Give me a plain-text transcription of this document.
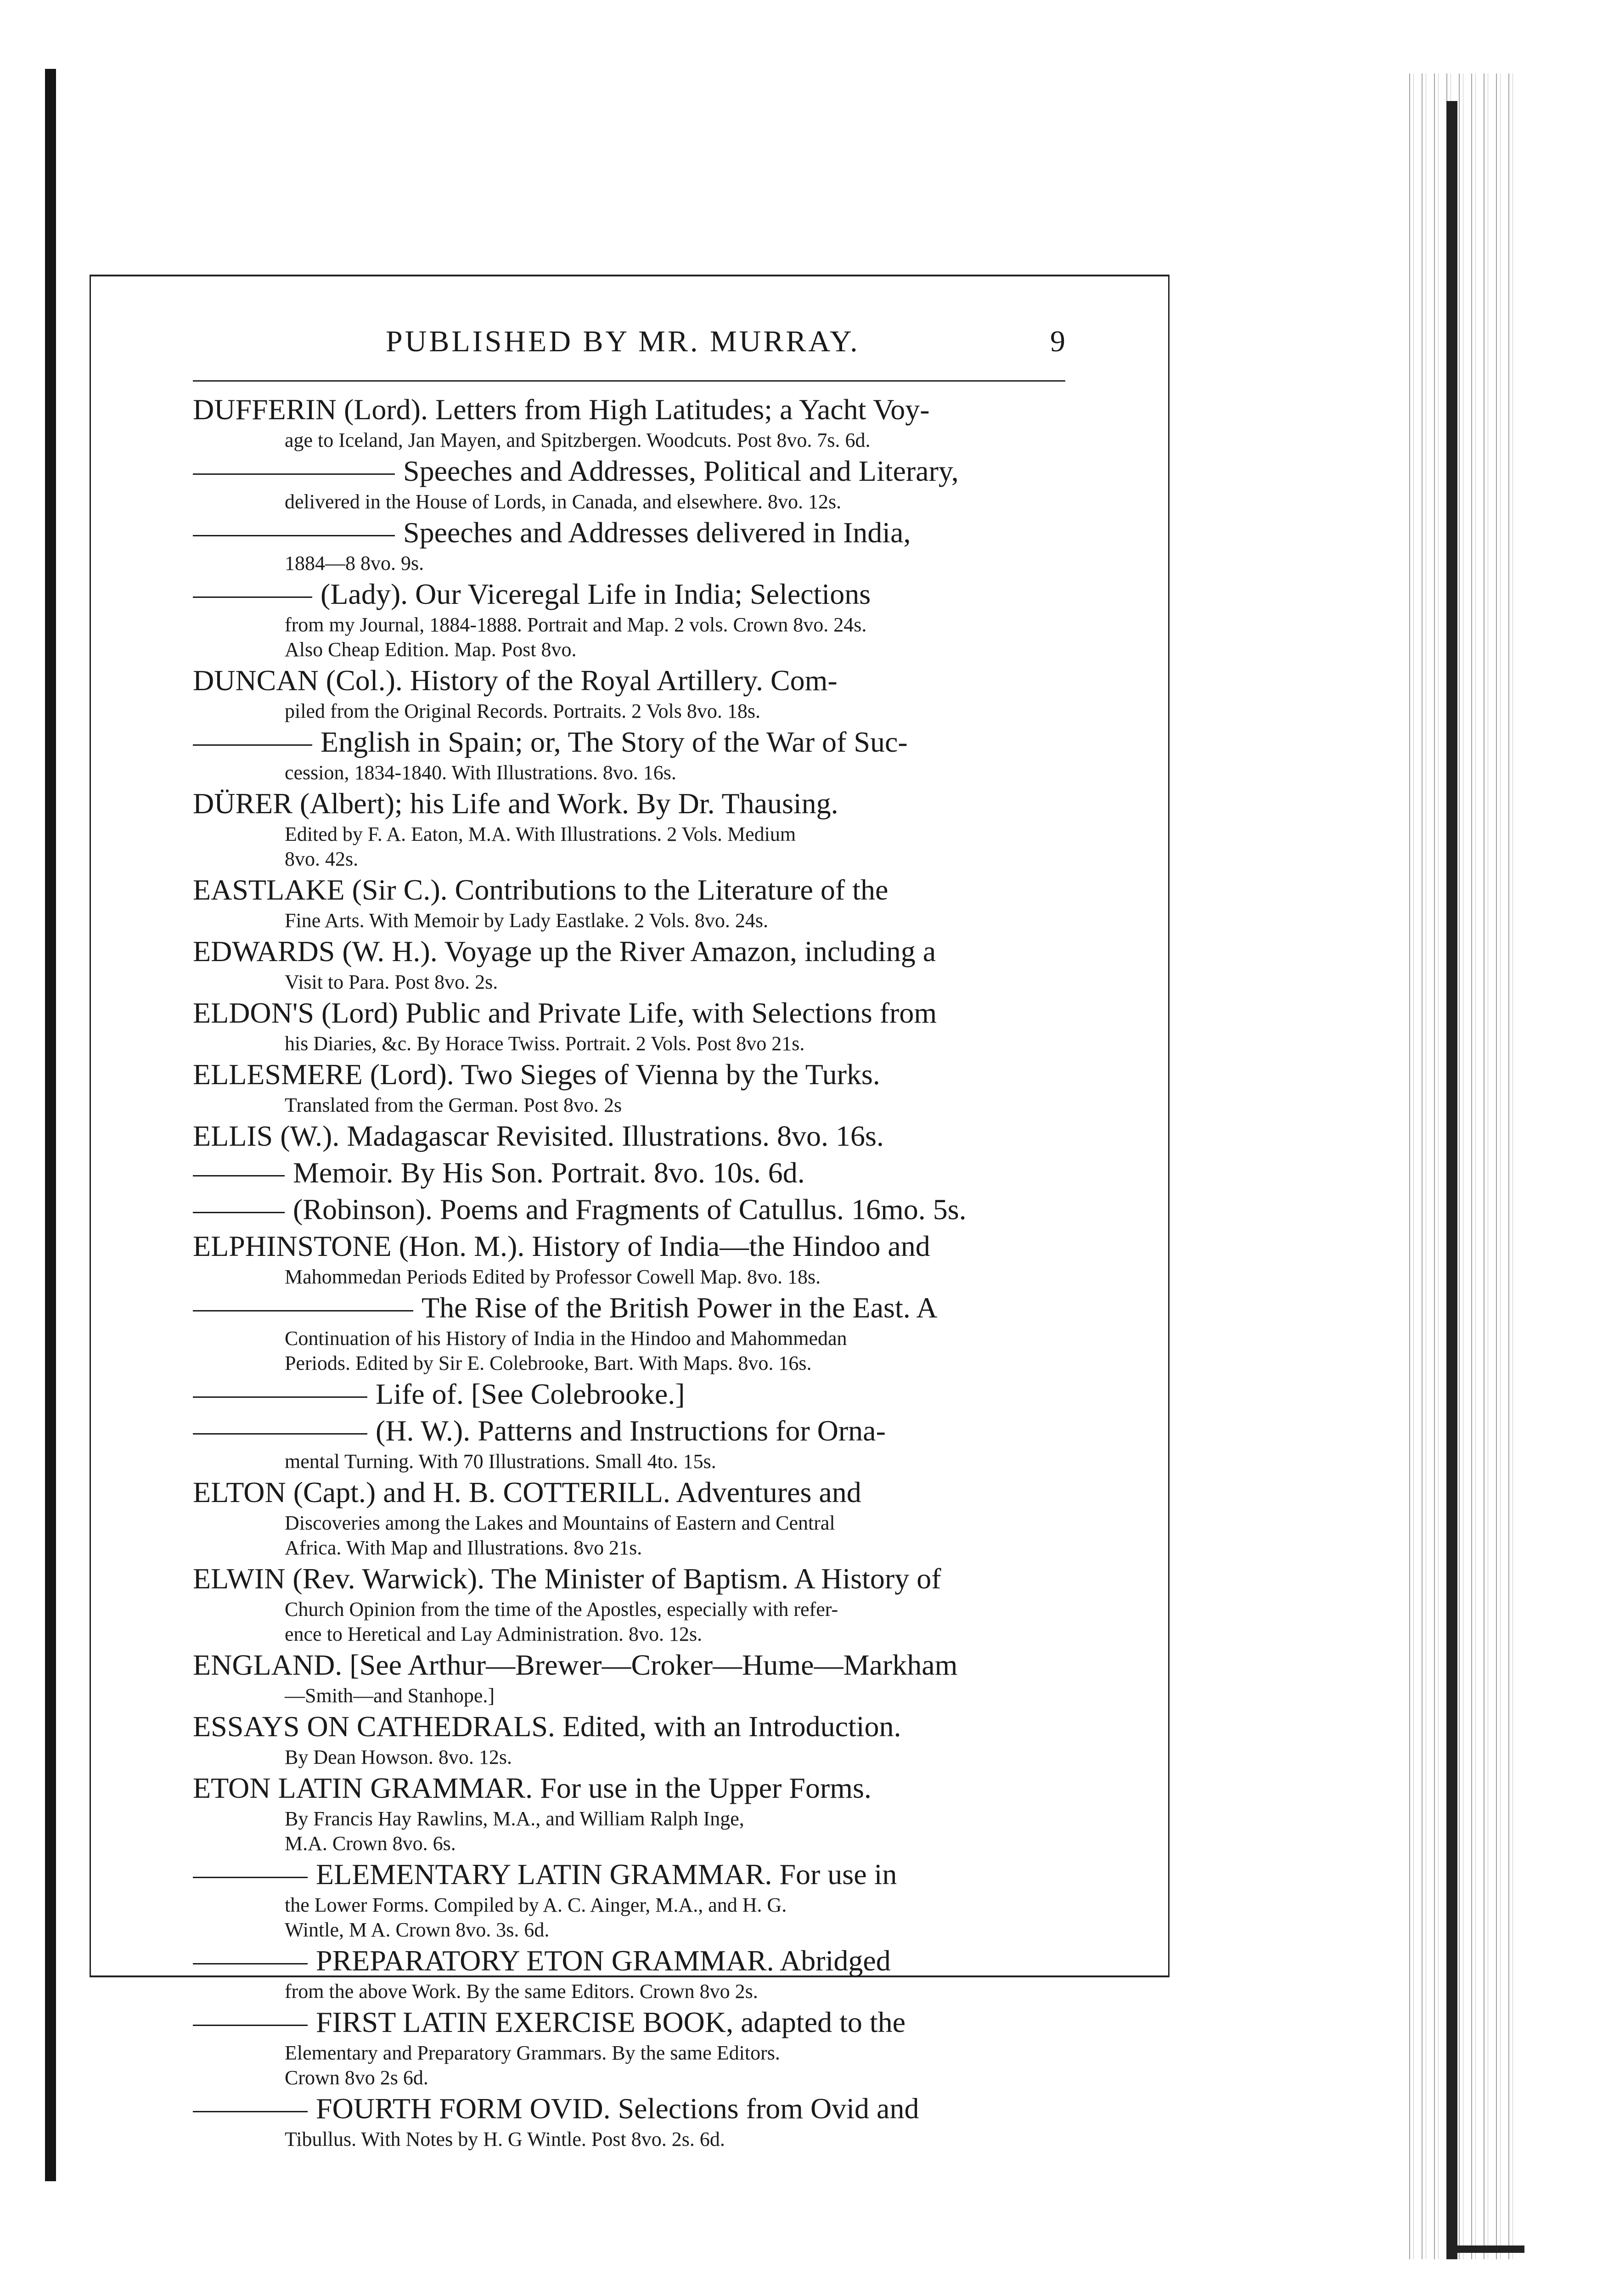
PUBLISHED BY MR. MURRAY.	9
DUFFERIN (Lord). Letters from High Latitudes; a Yacht Voy-
age to Iceland, Jan Mayen, and Spitzbergen. Woodcuts. Post 8vo. 7s. 6d.
Speeches and Addresses, Political and Literary,
delivered in the House of Lords, in Canada, and elsewhere. 8vo. 12s.
Speeches and Addresses delivered in India,
1884—8 8vo. 9s.
(Lady). Our Viceregal Life in India; Selections
from my Journal, 1884-1888. Portrait and Map. 2 vols. Crown 8vo. 24s.
Also Cheap Edition. Map. Post 8vo.
DUNCAN (Col.). History of the Royal Artillery. Com-
piled from the Original Records. Portraits. 2 Vols 8vo. 18s.
English in Spain; or, The Story of the War of Suc-
cession, 1834-1840. With Illustrations. 8vo. 16s.
DÜRER (Albert); his Life and Work. By Dr. Thausing.
Edited by F. A. Eaton, M.A. With Illustrations. 2 Vols. Medium
8vo. 42s.
EASTLAKE (Sir C.). Contributions to the Literature of the
Fine Arts. With Memoir by Lady Eastlake. 2 Vols. 8vo. 24s.
EDWARDS (W. H.). Voyage up the River Amazon, including a
Visit to Para. Post 8vo. 2s.
ELDON'S (Lord) Public and Private Life, with Selections from
his Diaries, &c. By Horace Twiss. Portrait. 2 Vols. Post 8vo 21s.
ELLESMERE (Lord). Two Sieges of Vienna by the Turks.
Translated from the German. Post 8vo. 2s
ELLIS (W.). Madagascar Revisited. Illustrations. 8vo. 16s.
Memoir. By His Son. Portrait. 8vo. 10s. 6d.
(Robinson). Poems and Fragments of Catullus. 16mo. 5s.
ELPHINSTONE (Hon. M.). History of India—the Hindoo and
Mahommedan Periods Edited by Professor Cowell Map. 8vo. 18s.
The Rise of the British Power in the East. A
Continuation of his History of India in the Hindoo and Mahommedan
Periods. Edited by Sir E. Colebrooke, Bart. With Maps. 8vo. 16s.
Life of. [See Colebrooke.]
(H. W.). Patterns and Instructions for Orna-
mental Turning. With 70 Illustrations. Small 4to. 15s.
ELTON (Capt.) and H. B. COTTERILL. Adventures and
Discoveries among the Lakes and Mountains of Eastern and Central
Africa. With Map and Illustrations. 8vo 21s.
ELWIN (Rev. Warwick). The Minister of Baptism. A History of
Church Opinion from the time of the Apostles, especially with refer-
ence to Heretical and Lay Administration. 8vo. 12s.
ENGLAND. [See Arthur—Brewer—Croker—Hume—Markham
—Smith—and Stanhope.]
ESSAYS ON CATHEDRALS. Edited, with an Introduction.
By Dean Howson. 8vo. 12s.
ETON LATIN GRAMMAR. For use in the Upper Forms.
By Francis Hay Rawlins, M.A., and William Ralph Inge,
M.A. Crown 8vo. 6s.
ELEMENTARY LATIN GRAMMAR. For use in
the Lower Forms. Compiled by A. C. Ainger, M.A., and H. G.
Wintle, M A. Crown 8vo. 3s. 6d.
PREPARATORY ETON GRAMMAR. Abridged
from the above Work. By the same Editors. Crown 8vo 2s.
FIRST LATIN EXERCISE BOOK, adapted to the
Elementary and Preparatory Grammars. By the same Editors.
Crown 8vo 2s 6d.
FOURTH FORM OVID. Selections from Ovid and
Tibullus. With Notes by H. G Wintle. Post 8vo. 2s. 6d.
